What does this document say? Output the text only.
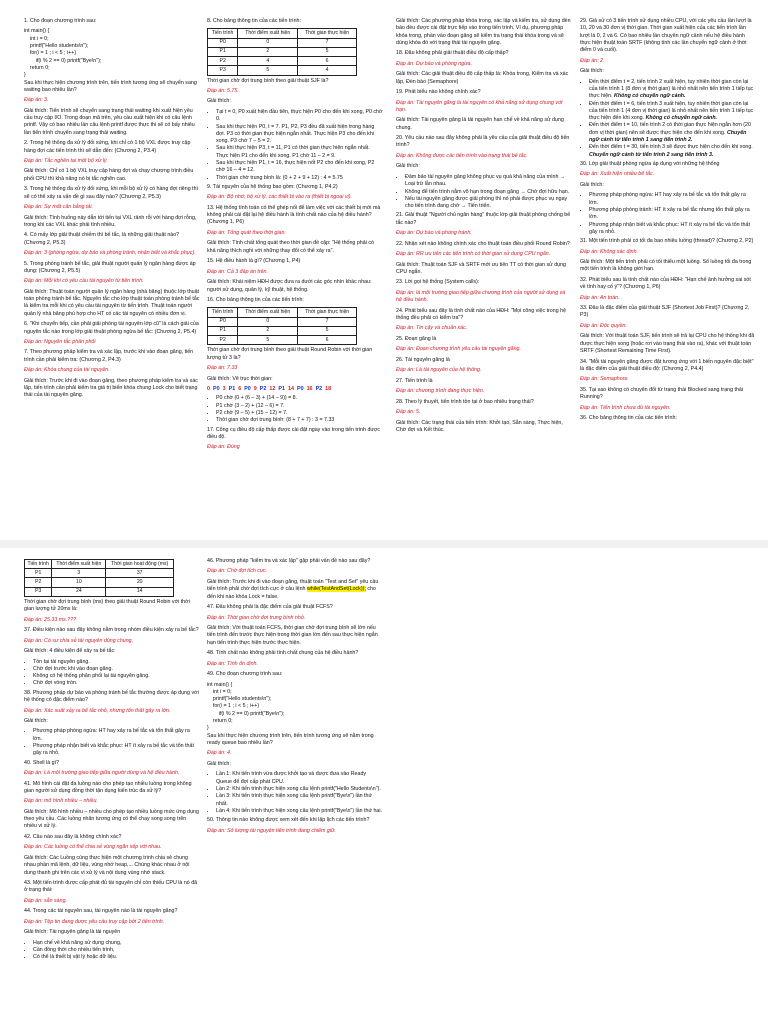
1. Cho đoạn chương trình sau:

int main() {

int i = 0;

printf("Hello students\n");

for(i = 1 ; i < 5 ; i++)

if(i % 2 == 0) printf("Bye\n");

return 0;

}

Sau khi thực hiện chương trình trên, tiến trình tương ứng sẽ chuyển sang waiting bao nhiêu lần?

Đáp án: 3.

Giải thích: Tiến trình sẽ chuyển sang trạng thái waiting khi xuất hiện yêu cầu truy cập I/O. Trong đoạn mã trên, yêu cầu xuất hiện khi có câu lệnh printf. Vậy có bao nhiêu lần câu lệnh printf được thực thi sẽ có bấy nhiêu lần tiến trình chuyển sang trạng thái waiting.

2. Trong hệ thống đa xử lý đối xứng, khi chỉ có 1 bộ VXL được truy cập hàng đợi các tiến trình thì sẽ dẫn đến: (Chương 2, P3.4)

Đáp án: Tắc nghẽn tại một bộ xử lý.

Giải thích: Chỉ có 1 bộ VXL truy cập hàng đợi và chạy chương trình điều phối CPU thì khả năng nó bị tắc nghẽn cao.

3. Trong hệ thống đa xử lý đối xứng, khi mỗi bộ xử lý có hàng đợi riêng thì sẽ có thể xảy ra vấn đề gì sau đây nào? (Chương 2, P5.3)

Đáp án: Sự mất cân bằng tải.

Giải thích: Tình huống này dẫn tới tiến tại VXL rảnh rỗi với hàng đợi rỗng, trong khi các VXL khác phải tính nhiều.

4. Có mấy lớp giải thuật chiếm thì bế tắc, là những giải thuật nào? (Chương 2, P5.3)

Đáp án: 3 (phòng ngừa, dự báo và phòng tránh, nhận biết và khắc phục).

5. Trong phòng tránh bế tắc, giải thuật người quản lý ngân hàng được áp dụng: (Chương 2, P5.5)

Đáp án: Mỗi khi có yêu cầu tài nguyên từ tiến trình.

Giải thích: Thuật toán người quản lý ngân hàng (nhà băng) thuộc lớp thuật toán phòng tránh bế tắc. Nguyên tắc cho lớp thuật toán phòng tránh bế tắc là kiểm tra mỗi khi có yêu cầu tài nguyên từ tiến trình. Thuật toán người quản lý nhà băng phù hợp cho HT có các tài nguyên có nhiều đơn vị.

6. "Khi chuyển tiếp, cần phải giải phóng tài nguyên lớp cũ" là cách giải của nguyên tắc nào trong lớp giải thuật phòng ngừa bế tắc: (Chương 2, P5.4)

Đáp án: Nguyên tắc phân phối

7. Theo phương pháp kiểm tra và xác lập, trước khi vào đoạn găng, tiến trình cần phải kiểm tra: (Chương 2, P4.3)

Đáp án: Khóa chung của tài nguyên.

Giải thích: Trước khi đi vào đoạn găng, theo phương pháp kiểm tra và xác lập, tiến trình cần phải kiểm tra giá trị biến khóa chung Lock cho biết trạng thái của tài nguyên găng.

8. Cho bảng thông tin của các tiến trình:

Tiến trình	Thời điểm xuất hiện	Thời gian thực hiện
P0	0	7
P1	2	5
P2	4	6
P3	5	4

Thời gian chờ đợi trung bình theo giải thuật SJF là?

Đáp án: 5.75.

Giải thích:

• Tại t = 0, P0 xuất hiện đầu tiên, thực hiện P0 cho đến khi xong, P0 chờ 0.
• Sau khi thực hiện P0, t = 7. P1, P2, P3 đều đã xuất hiện trong hàng đợi. P3 có thời gian thực hiện ngắn nhất. Thực hiện P3 cho đến khi xong. P3 chờ 7 – 5 = 2.
• Sau khi thực hiện P3, t = 11, P1 có thời gian thực hiện ngắn nhất. Thực hiện P1 cho đến khi xong. P1 chờ 11 – 2 = 9.
• Sau khi thực hiện P1, t = 16, thực hiện nốt P2 cho đến khi xong, P2 chờ 16 – 4 = 12.
• Thời gian chờ trung bình là: (0 + 2 + 9 + 12) : 4 = 5.75

9. Tài nguyên của hệ thống bao gồm: (Chương 1, P4.2)

Đáp án: Bộ nhớ, bộ xử lý, các thiết bị vào ra (thiết bị ngoại vi).

13. Hệ thống tính toán có thể ghép nối để làm việc với các thiết bị mới mà không phải cài đặt lại hệ điều hành là tính chất nào của hệ điều hành? (Chương 1, P6)

Đáp án: Tổng quát theo thời gian.

Giải thích: Tính chất tổng quát theo thời gian đề cập: "Hệ thống phải có khả năng thích nghi với những thay đổi có thể xảy ra".

15. Hệ điều hành là gì? (Chương 1, P4)

Đáp án: Cả 3 đáp án trên.

Giải thích: Khái niệm HĐH được đưa ra dưới các góc nhìn khác nhau: người sử dụng, quản lý, kỹ thuật, hệ thống.

16. Cho bảng thông tin của các tiến trình:

Tiến trình	Thời điểm xuất hiện	Thời gian thực hiện
P0	0	7
P1	2	5
P2	5	6

Thời gian chờ đợi trung bình theo giải thuật Round Robin với thời gian lượng tử 3 là?

Đáp án: 7.33

Giải thích: Vẽ trục thời gian:

0 P0 3 P1 6 P0 9 P2 12 P1 14 P0 16 P2 18
• P0 chờ (0 + (6 – 3) + (14 – 9)) = 8.
• P1 chờ (3 – 2) + (12 – 6) = 7.
• P2 chờ (9 – 5) + (15 – 12) = 7.
• Thời gian chờ đợi trung bình: (8 + 7 + 7) : 3 = 7.33

17. Cổng cụ điều độ cấp thấp được cài đặt ngay vào trong tiến trình được điều độ.

Đáp án: Đúng

Giải thích: Các phương pháp khóa trong, xác lập và kiểm tra, sử dụng đèn báo đều được cài đặt trực tiếp vào trong tiến trình. Ví dụ, phương pháp khóa trong, phần vào đoạn găng sẽ kiểm tra trạng thái khóa trong và sẽ dùng khóa đó với trạng thái tài nguyên găng.

18. Đâu không phải giải thuật điều độ cấp thấp?

Đáp án: Dự báo và phòng ngừa.

Giải thích: Các giải thuật điều độ cấp thấp là: Khóa trong, Kiểm tra và xác lập, Đèn báo (Semaphore)

19. Phát biểu nào không chính xác?

Đáp án: Tài nguyên găng là tài nguyên có khả năng sử dụng chung với hạn.

Giải thích: Tài nguyên găng là tài nguyên hạn chế về khả năng sử dụng chung.

20. Yêu cầu nào sau đây không phải là yêu cầu của giải thuật điều độ tiến trình?

Đáp án: Không được các tiến trình vào trạng thái bế tắc.

Giải thích:

• Đảm bảo tài nguyên găng không phục vụ quá khả năng của mình → Loại trừ lẫn nhau.
• Không để tiến trình nằm vô hạn trong đoạn găng → Chờ đợi hữu hạn.
• Nếu tài nguyên găng được giải phóng thì nó phải được phục vụ ngay cho tiến trình đang chờ → Tiến triển.

21. Giải thuật "Người chủ ngân hàng" thuộc lớp giải thuật phòng chống bế tắc nào?

Đáp án: Dự báo và phòng tránh.

22. Nhận xét nào không chính xác cho thuật toán điều phối Round Robin?

Đáp án: RR ưu tiên các tiến trình có thời gian sử dụng CPU ngắn.

Giải thích: Thuật toán SJF và SRTF mới ưu tiên TT có thời gian sử dụng CPU ngắn.

23. Lời gọi hệ thống (System calls):

Đáp án: là môi trường giao tiếp giữa chương trình của người sử dụng và hệ điều hành.

24. Phát biểu sau đây là tính chất nào của HĐH: "Mọi công việc trong hệ thống đều phải có kiểm tra"?

Đáp án: Tin cậy và chuẩn xác.

25. Đoạn găng là

Đáp án: Đoạn chương trình yêu cầu tài nguyên găng.

26. Tài nguyên găng là

Đáp án: Là tài nguyên của hệ thống.

27. Tiến trình là

Đáp án: chương trình đang thực hiện.

28. Theo lý thuyết, tiến trình tồn tại ở bao nhiêu trạng thái?

Đáp án: 5.

Giải thích: Các trạng thái của tiến trình: Khởi tạo, Sẵn sàng, Thực hiện, Chờ đợi và Kết thúc.

29. Giả sử có 3 tiến trình sử dụng nhiều CPU, với các yêu cầu lần lượt là 10, 20 và 30 đơn vị thời gian. Thời gian xuất hiện của các tiến trình lần lượt là 0, 2 và 6. Có bao nhiêu lần chuyển ngữ cảnh nếu hệ điều hành thực hiện thuật toán SRTF (không tính các lần chuyển ngữ cảnh ở thời điểm 0 và cuối).

Đáp án: 2.

Giải thích:

• Đến thời điểm t = 2, tiến trình 2 xuất hiện, tuy nhiên thời gian còn lại của tiến trình 1 (8 đơn vị thời gian) là nhỏ nhất nên tiến trình 1 tiếp tục thực hiện. Không có chuyển ngữ cảnh.
• Đến thời điểm t = 6, tiến trình 3 xuất hiện, tuy nhiên thời gian còn lại của tiến trình 1 (4 đơn vị thời gian) là nhỏ nhất nên tiến trình 1 tiếp tục thực hiện đến khi xong. Không có chuyển ngữ cảnh.
• Đến thời điểm t = 10, tiến trình 2 có thời gian thực hiện ngắn hơn (20 đơn vị thời gian) nên sẽ được thực hiện cho đến khi xong. Chuyển ngữ cảnh từ tiến trình 1 sang tiến trình 2.
• Đến thời điểm t = 30, tiến trình 3 sẽ được thực hiện cho đến khi xong. Chuyển ngữ cảnh từ tiến trình 2 sang tiến trình 3.

30. Lớp giải thuật phòng ngừa áp dụng với những hệ thống

Đáp án: Xuất hiện nhiều bế tắc.

Giải thích:

• Phương pháp phòng ngừa: HT hay xảy ra bế tắc và tổn thất gây ra lớn.
• Phương pháp phòng tránh: HT ít xảy ra bế tắc nhưng tổn thất gây ra lớn.
• Phương pháp nhận biết và khắc phục: HT ít xảy ra bế tắc và tổn thất gây ra nhỏ.

31. Một tiến trình phải có tối đa bao nhiêu luồng (thread)? (Chương 2, P2)

Đáp án: Không xác định.

Giải thích: Một tiến trình phải có tối thiểu một luồng. Số luồng tối đa trong một tiến trình là không giới hạn.

32. Phát biểu sau là tính chất nào của HĐH: "Hạn chế ảnh hưởng sai sót về tính hay cố ý"? (Chương 1, P6)

Đáp án: An toàn.

33. Đâu là đặc điểm của giải thuật SJF (Shortest Job First)? (Chương 2, P3)

Đáp án: Độc quyền.

Giải thích: Với thuật toán SJF, tiến trình sẽ trả lại CPU cho hệ thống khi đã được thực hiện xong (hoặc rơi vào trạng thái vào ra), khác với thuật toán SRTF (Shortest Remaining Time First).

34. "Mỗi tài nguyên găng được đặt tương ứng với 1 biến nguyên đặc biệt" là đặc điểm của giải thuật điều độ: (Chương 2, P4.4)

Đáp án: Semaphore.

35. Tại sao không có chuyển đổi từ trạng thái Blocked sang trạng thái Running?

Đáp án: Tiến trình chưa đủ tài nguyên.

36. Cho bảng thông tin của các tiến trình:

Tiến trình	Thời điểm xuất hiện	Thời gian hoạt động (ms)
P1	3	37
P2	10	20
P3	24	14

Thời gian chờ đợi trung bình (ms) theo giải thuật Round Robin với thời gian lượng tử 20ms là:

Đáp án: 25.33 ms.???

37. Điều kiện nào sau đây không nằm trong nhóm điều kiện xảy ra bế tắc?

Đáp án: Có sự chia sẻ tài nguyên dùng chung.

Giải thích: 4 điều kiện để xảy ra bế tắc:

• Tồn tại tài nguyên găng.
• Chờ đợi trước khi vào đoạn găng.
• Không có hệ thống phân phối lại tài nguyên găng.
• Chờ đợi vòng tròn.

38. Phương pháp dự báo và phòng tránh bế tắc thường được áp dụng với hệ thống có đặc điểm nào?

Đáp án: Xác suất xảy ra bế tắc nhỏ, nhưng tổn thất gây ra lớn.

Giải thích:

• Phương pháp phòng ngừa: HT hay xảy ra bế tắc và tổn thất gây ra lớn.
• Phương pháp nhận biết và khắc phục: HT ít xảy ra bế tắc và tổn thất gây ra nhỏ.

40. Shell là gì?

Đáp án: Là môi trường giao tiếp giữa người dùng và hệ điều hành.

41. Mô hình cài đặt đa luồng nào cho phép tạo nhiều luồng trong không gian người sử dụng đồng thời tận dụng kiến trúc đa xử lý?

Đáp án: mô hình nhiều – nhiều.

Giải thích: Mô hình nhiều – nhiều cho phép tạo nhiều luồng mức ứng dụng theo yêu cầu. Các luồng nhân tương ứng có thể chạy song song trên nhiều vi xử lý.

42. Câu nào sau đây là không chính xác?

Đáp án: Các luồng có thể chia sẻ vùng ngăn xếp với nhau.

Giải thích: Các Luồng cùng thực hiện một chương trình chia sẻ chung nhau phần mã lệnh, dữ liệu, vùng nhớ heap,... Chúng khác nhau ở nội dung thanh ghi trên các vi xử lý và nội dung vùng nhớ stack.

43. Một tiến trình được cấp phát đủ tài nguyên chỉ còn thiếu CPU là nó đã ở trạng thái:

Đáp án: sẵn sàng.

44. Trong các tài nguyên sau, tài nguyên nào là tài nguyên găng?

Đáp án: Tệp tin đang được yêu cầu truy cập bởi 2 tiến trình.

Giải thích: Tài nguyên găng là tài nguyên

• Hạn chế về khả năng sử dụng chung,
• Cần đồng thời cho nhiều tiến trình,
• Có thể là thiết bị vật lý hoặc dữ liệu.

46. Phương pháp "kiểm tra và xác lập" gặp phải vấn đề nào sau đây?

Đáp án: Chờ đợi tích cực.

Giải thích: Trước khi đi vào đoạn găng, thuật toán "Test and Set" yêu cầu tiến trình phải chờ đợi tích cực ở câu lệnh while(TestAndSet(Lock)); cho đến khi nào khóa Lock = false.

47. Đâu không phải là đặc điểm của giải thuật FCFS?

Đáp án: Thời gian chờ đợi trung bình nhỏ.

Giải thích: Với thuật toán FCFS, thời gian chờ đợi trung bình sẽ lớn nếu tiến trình đến trước thực hiện trong thời gian lớn đến sau thực hiện ngắn hạn tiến trình thực hiện trước thực hiện.

48. Tính chất nào không phải tính chất chung của hệ điều hành?

Đáp án: Tính ổn định.

49. Cho đoạn chương trình sau:

int main() {

int i = 0;

printf("Hello students\n");

for(i = 1 ; i < 5 ; i++)

if(i % 2 == 0) printf("Bye\n");

return 0;

}

Sau khi thực hiện chương trình trên, tiến trình tương ứng sẽ nằm trong ready queue bao nhiêu lần?

Đáp án: 4.

Giải thích:

• Lần 1: Khi tiến trình vừa được khởi tạo và được đưa vào Ready Queue để đợi cấp phát CPU.
• Lần 2: Khi tiến trình thực hiện xong câu lệnh printf("Hello Students\n").
• Lần 3: Khi tiến trình thực hiện xong câu lệnh printf("Bye\n") lần thứ nhất.
• Lần 4: Khi tiến trình thực hiện xong câu lệnh printf("Bye\n") lần thứ hai.

50. Thông tin nào không được xem xét đến khi lập lịch các tiến trình?

Đáp án: Số lượng tài nguyên tiến trình đang chiếm giữ.
